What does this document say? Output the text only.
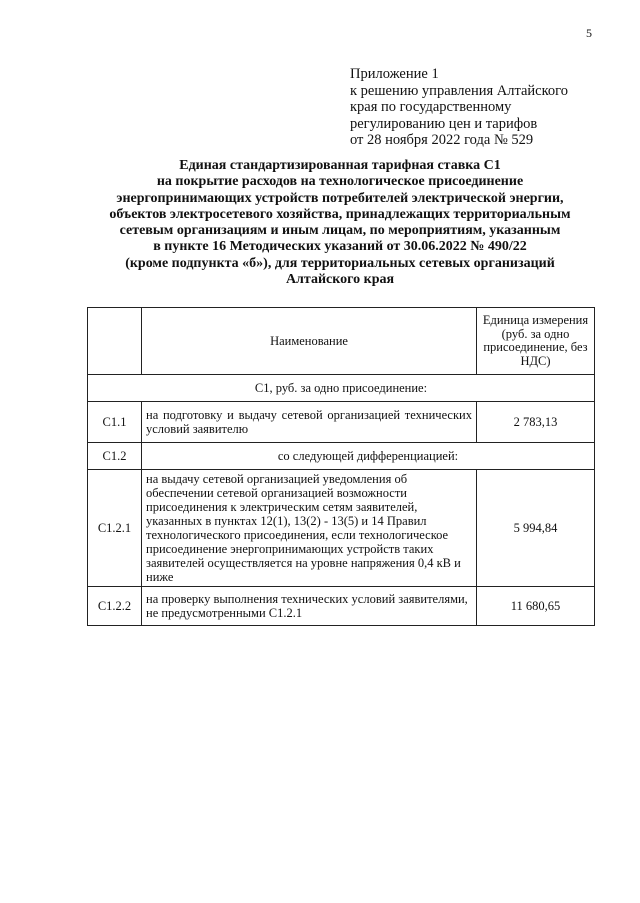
5
Приложение 1
к решению управления Алтайского
края по государственному
регулированию цен и тарифов
от 28 ноября 2022 года № 529
Единая стандартизированная тарифная ставка С1
на покрытие расходов на технологическое присоединение
энергопринимающих устройств потребителей электрической энергии,
объектов электросетевого хозяйства, принадлежащих территориальным
сетевым организациям и иным лицам, по мероприятиям, указанным
в пункте 16 Методических указаний от 30.06.2022 № 490/22
(кроме подпункта «б»), для территориальных сетевых организаций
Алтайского края
	Наименование	Единица измерения (руб. за одно присоединение, без НДС)
С1, руб. за одно присоединение:		
С1.1	на подготовку и выдачу сетевой организацией технических условий заявителю	2 783,13
С1.2	со следующей дифференциацией:	
С1.2.1	на выдачу сетевой организацией уведомления об обеспечении сетевой организацией возможности присоединения к электрическим сетям заявителей, указанных в пунктах 12(1), 13(2) - 13(5) и 14 Правил технологического присоединения, если технологическое присоединение энергопринимающих устройств таких заявителей осуществляется на уровне напряжения 0,4 кВ и ниже	5 994,84
С1.2.2	на проверку выполнения технических условий заявителями, не предусмотренными С1.2.1	11 680,65
